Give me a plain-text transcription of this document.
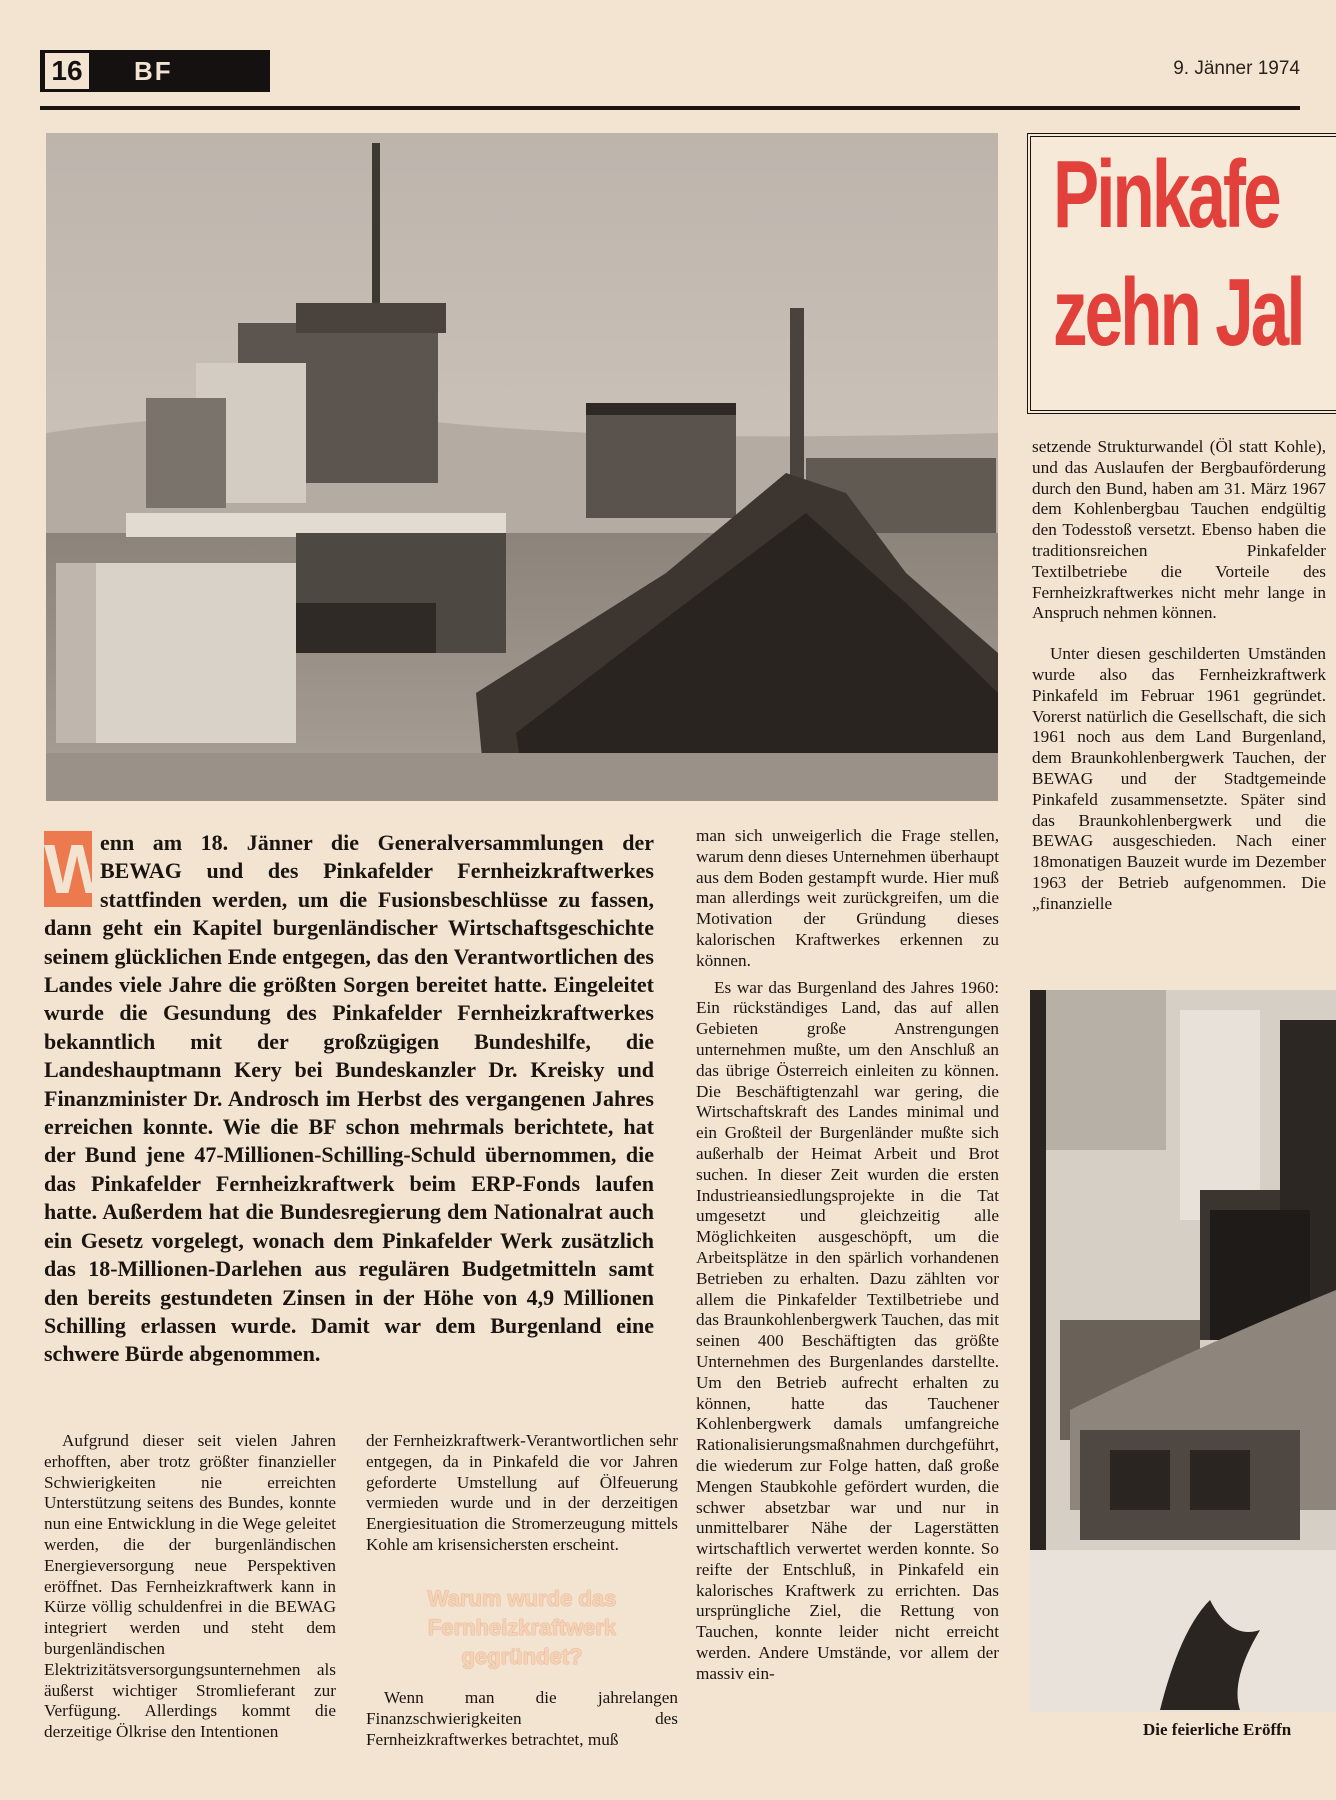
16	BF	9. Jänner 1974
Pinkafe
zehn Jal
W
enn am 18. Jänner die Generalversammlungen der BEWAG und des Pinkafelder Fernheizkraftwerkes stattfinden werden, um die Fusionsbeschlüsse zu fassen, dann geht ein Kapitel burgenländischer Wirtschaftsgeschichte seinem glücklichen Ende entgegen, das den Verantwortlichen des Landes viele Jahre die größten Sorgen bereitet hatte. Eingeleitet wurde die Gesundung des Pinkafelder Fernheizkraftwerkes bekanntlich mit der großzügigen Bundeshilfe, die Landeshauptmann Kery bei Bundeskanzler Dr. Kreisky und Finanzminister Dr. Androsch im Herbst des vergangenen Jahres erreichen konnte. Wie die BF schon mehrmals berichtete, hat der Bund jene 47-Millionen-Schilling-Schuld übernommen, die das Pinkafelder Fernheizkraftwerk beim ERP-Fonds laufen hatte. Außerdem hat die Bundesregierung dem Nationalrat auch ein Gesetz vorgelegt, wonach dem Pinkafelder Werk zusätzlich das 18-Millionen-Darlehen aus regulären Budgetmitteln samt den bereits gestundeten Zinsen in der Höhe von 4,9 Millionen Schilling erlassen wurde. Damit war dem Burgenland eine schwere Bürde abgenommen.

Aufgrund dieser seit vielen Jahren erhofften, aber trotz größter finanzieller Schwierigkeiten nie erreichten Unterstützung seitens des Bundes, konnte nun eine Entwicklung in die Wege geleitet werden, die der burgenländischen Energieversorgung neue Perspektiven eröffnet. Das Fernheizkraftwerk kann in Kürze völlig schuldenfrei in die BEWAG integriert werden und steht dem burgenländischen Elektrizitätsversorgungsunternehmen als äußerst wichtiger Stromlieferant zur Verfügung. Allerdings kommt die derzeitige Ölkrise den Intentionen

der Fernheizkraftwerk-Verantwortlichen sehr entgegen, da in Pinkafeld die vor Jahren geforderte Umstellung auf Ölfeuerung vermieden wurde und in der derzeitigen Energiesituation die Stromerzeugung mittels Kohle am krisensichersten erscheint.

Warum wurde das Fernheizkraftwerk gegründet?

Wenn man die jahrelangen Finanzschwierigkeiten des Fernheizkraftwerkes betrachtet, muß

man sich unweigerlich die Frage stellen, warum denn dieses Unternehmen überhaupt aus dem Boden gestampft wurde. Hier muß man allerdings weit zurückgreifen, um die Motivation der Gründung dieses kalorischen Kraftwerkes erkennen zu können.

Es war das Burgenland des Jahres 1960: Ein rückständiges Land, das auf allen Gebieten große Anstrengungen unternehmen mußte, um den Anschluß an das übrige Österreich einleiten zu können. Die Beschäftigtenzahl war gering, die Wirtschaftskraft des Landes minimal und ein Großteil der Burgenländer mußte sich außerhalb der Heimat Arbeit und Brot suchen. In dieser Zeit wurden die ersten Industrieansiedlungsprojekte in die Tat umgesetzt und gleichzeitig alle Möglichkeiten ausgeschöpft, um die Arbeitsplätze in den spärlich vorhandenen Betrieben zu erhalten. Dazu zählten vor allem die Pinkafelder Textilbetriebe und das Braunkohlenbergwerk Tauchen, das mit seinen 400 Beschäftigten das größte Unternehmen des Burgenlandes darstellte. Um den Betrieb aufrecht erhalten zu können, hatte das Tauchener Kohlenbergwerk damals umfangreiche Rationalisierungsmaßnahmen durchgeführt, die wiederum zur Folge hatten, daß große Mengen Staubkohle gefördert wurden, die schwer absetzbar war und nur in unmittelbarer Nähe der Lagerstätten wirtschaftlich verwertet werden konnte. So reifte der Entschluß, in Pinkafeld ein kalorisches Kraftwerk zu errichten. Das ursprüngliche Ziel, die Rettung von Tauchen, konnte leider nicht erreicht werden. Andere Umstände, vor allem der massiv ein-

setzende Strukturwandel (Öl statt Kohle), und das Auslaufen der Bergbauförderung durch den Bund, haben am 31. März 1967 dem Kohlenbergbau Tauchen endgültig den Todesstoß versetzt. Ebenso haben die traditionsreichen Pinkafelder Textilbetriebe die Vorteile des Fernheizkraftwerkes nicht mehr lange in Anspruch nehmen können.

Unter diesen geschilderten Umständen wurde also das Fernheizkraftwerk Pinkafeld im Februar 1961 gegründet. Vorerst natürlich die Gesellschaft, die sich 1961 noch aus dem Land Burgenland, dem Braunkohlenbergwerk Tauchen, der BEWAG und der Stadtgemeinde Pinkafeld zusammensetzte. Später sind das Braunkohlenbergwerk und die BEWAG ausgeschieden. Nach einer 18monatigen Bauzeit wurde im Dezember 1963 der Betrieb aufgenommen. Die „finanzielle

Die feierliche Eröffn
